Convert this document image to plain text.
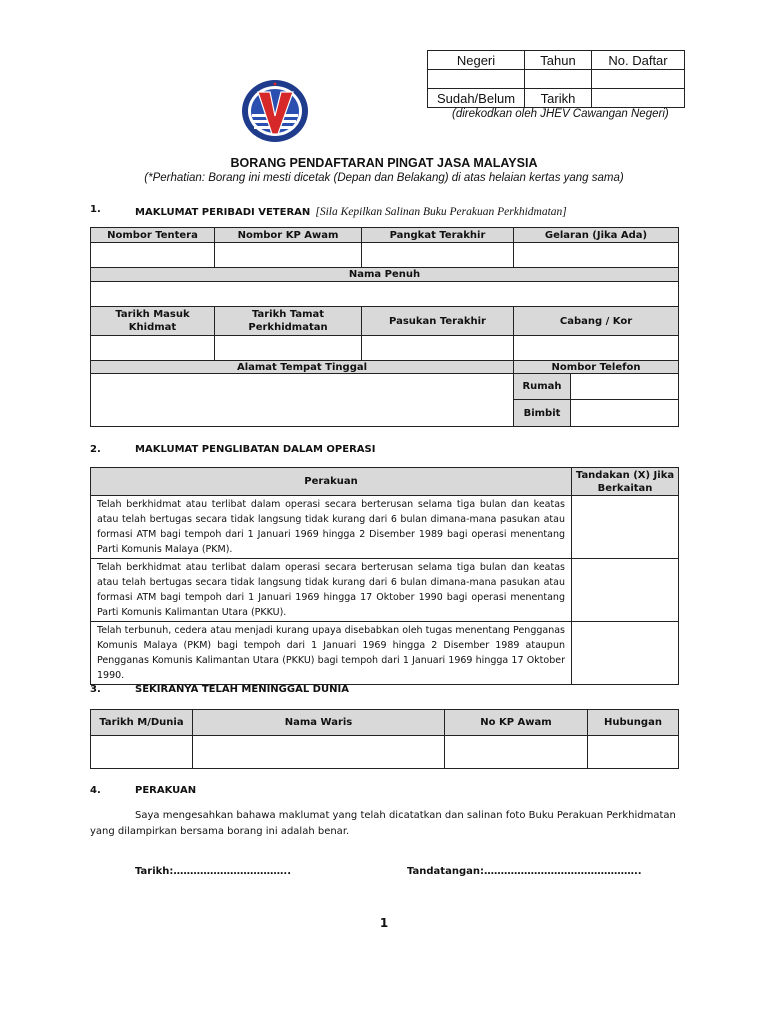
Negeri	Tahun	No. Daftar

Sudah/Belum	Tarikh	
(direkodkan oleh JHEV Cawangan Negeri)
BORANG PENDAFTARAN PINGAT JASA MALAYSIA
(*Perhatian: Borang ini mesti dicetak (Depan dan Belakang) di atas helaian kertas yang sama)
1.	MAKLUMAT PERIBADI VETERAN [Sila Kepilkan Salinan Buku Perakuan Perkhidmatan]
Nombor Tentera	Nombor KP Awam	Pangkat Terakhir	Gelaran (Jika Ada)	

Nama Penuh				

Tarikh Masuk Khidmat	Tarikh Tamat Perkhidmatan	Pasukan Terakhir	Cabang / Kor	

Alamat Tempat Tinggal			Nombor Telefon	
			Rumah	
			Bimbit	
2.	MAKLUMAT PENGLIBATAN DALAM OPERASI
Perakuan	Tandakan (X) Jika Berkaitan
Telah berkhidmat atau terlibat dalam operasi secara berterusan selama tiga bulan dan keatas atau telah bertugas secara tidak langsung tidak kurang dari 6 bulan dimana-mana pasukan atau formasi ATM bagi tempoh dari 1 Januari 1969 hingga 2 Disember 1989 bagi operasi menentang Parti Komunis Malaya (PKM).	
Telah berkhidmat atau terlibat dalam operasi secara berterusan selama tiga bulan dan keatas atau telah bertugas secara tidak langsung tidak kurang dari 6 bulan dimana-mana pasukan atau formasi ATM bagi tempoh dari 1 Januari 1969 hingga 17 Oktober 1990 bagi operasi menentang Parti Komunis Kalimantan Utara (PKKU).	
Telah terbunuh, cedera atau menjadi kurang upaya disebabkan oleh tugas menentang Pengganas Komunis Malaya (PKM) bagi tempoh dari 1 Januari 1969 hingga 2 Disember 1989 ataupun Pengganas Komunis Kalimantan Utara (PKKU) bagi tempoh dari 1 Januari 1969 hingga 17 Oktober 1990.	
3.	SEKIRANYA TELAH MENINGGAL DUNIA
Tarikh M/Dunia	Nama Waris	No KP Awam	Hubungan

4.	PERAKUAN
Saya mengesahkan bahawa maklumat yang telah dicatatkan dan salinan foto Buku Perakuan Perkhidmatan yang dilampirkan bersama borang ini adalah benar.
Tarikh:……………………………..	Tandatangan:………………………………………..
1
